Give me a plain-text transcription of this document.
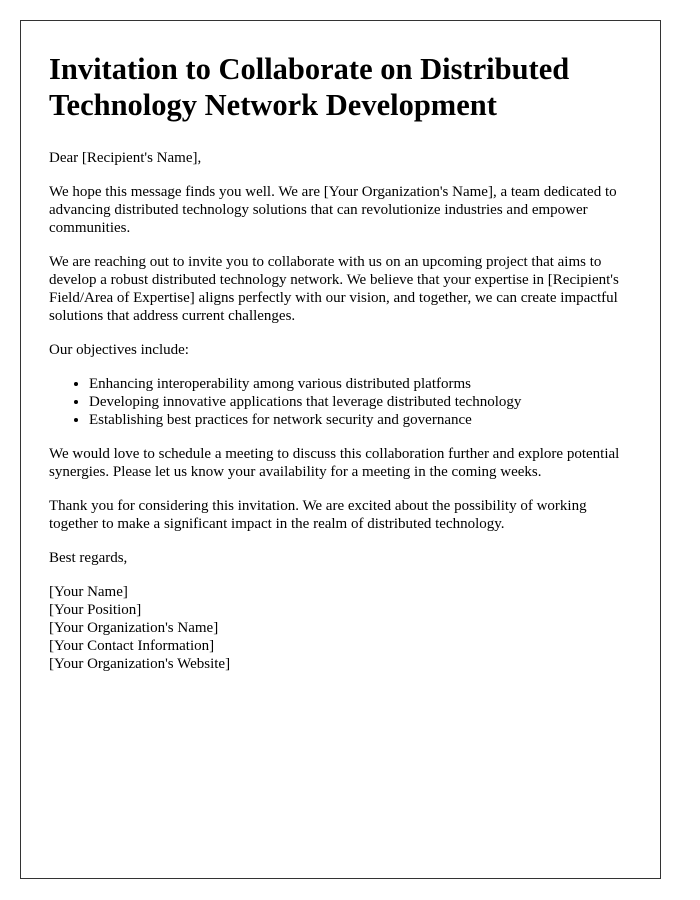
Invitation to Collaborate on Distributed Technology Network Development

Dear [Recipient's Name],

We hope this message finds you well. We are [Your Organization's Name], a team dedicated to advancing distributed technology solutions that can revolutionize industries and empower communities.

We are reaching out to invite you to collaborate with us on an upcoming project that aims to develop a robust distributed technology network. We believe that your expertise in [Recipient's Field/Area of Expertise] aligns perfectly with our vision, and together, we can create impactful solutions that address current challenges.

Our objectives include:

• Enhancing interoperability among various distributed platforms
• Developing innovative applications that leverage distributed technology
• Establishing best practices for network security and governance

We would love to schedule a meeting to discuss this collaboration further and explore potential synergies. Please let us know your availability for a meeting in the coming weeks.

Thank you for considering this invitation. We are excited about the possibility of working together to make a significant impact in the realm of distributed technology.

Best regards,

[Your Name]
[Your Position]
[Your Organization's Name]
[Your Contact Information]
[Your Organization's Website]
